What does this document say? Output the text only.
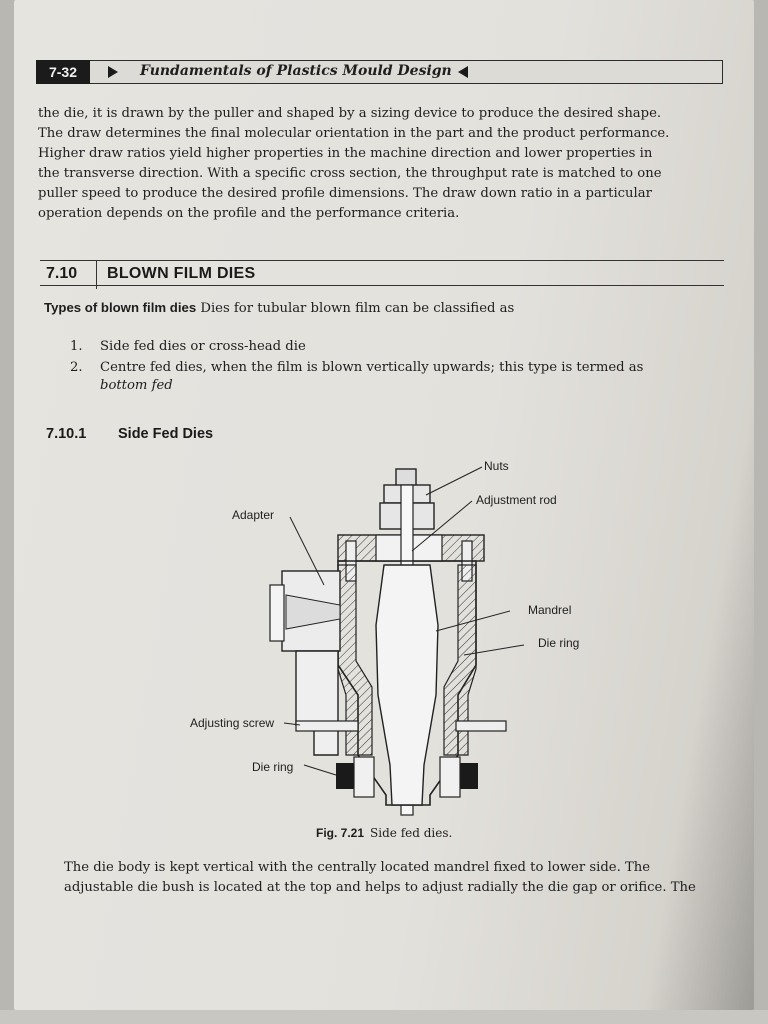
7-32	Fundamentals of Plastics Mould Design

the die, it is drawn by the puller and shaped by a sizing device to produce the desired shape.
The draw determines the final molecular orientation in the part and the product performance.
Higher draw ratios yield higher properties in the machine direction and lower properties in
the transverse direction. With a specific cross section, the throughput rate is matched to one
puller speed to produce the desired profile dimensions. The draw down ratio in a particular
operation depends on the profile and the performance criteria.

7.10 BLOWN FILM DIES
Types of blown film dies Dies for tubular blown film can be classified as
1. Side fed dies or cross-head die
2. Centre fed dies, when the film is blown vertically upwards; this type is termed as
bottom fed
7.10.1 Side Fed Dies
Nuts
Adjustment rod
Adapter
Mandrel
Die ring
Adjusting screw
Die ring
Fig. 7.21 Side fed dies.

The die body is kept vertical with the centrally located mandrel fixed to lower side. The
adjustable die bush is located at the top and helps to adjust radially the die gap or orifice. The
